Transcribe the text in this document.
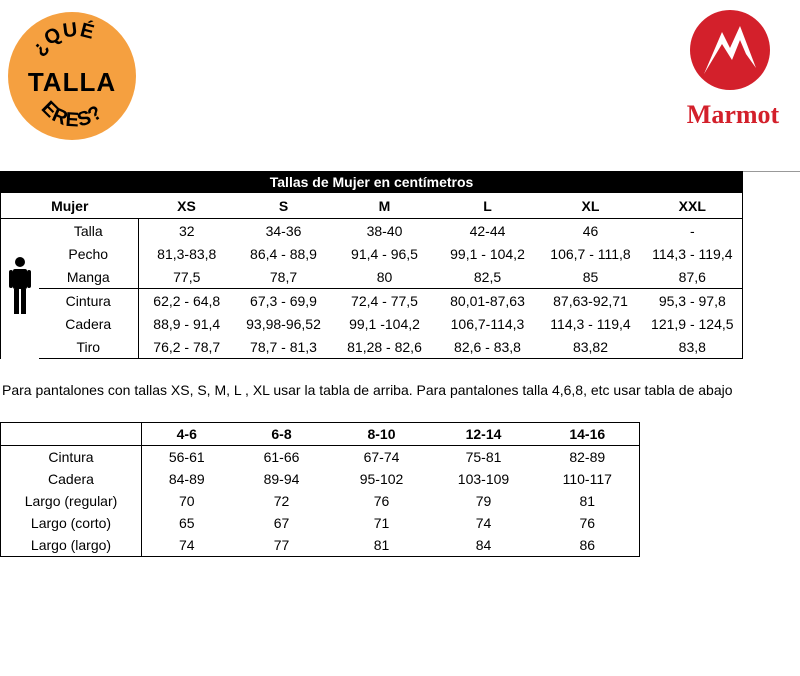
¿QUÉ
ERES?
TALLA
Marmot
Tallas de Mujer en centímetros							
Mujer		XS	S	M	L	XL	XXL
	Talla	32	34-36	38-40	42-44	46	-
	Pecho	81,3-83,8	86,4 - 88,9	91,4 - 96,5	99,1 - 104,2	106,7 - 111,8	114,3 - 119,4
	Manga	77,5	78,7	80	82,5	85	87,6
	Cintura	62,2 - 64,8	67,3 - 69,9	72,4 - 77,5	80,01-87,63	87,63-92,71	95,3 - 97,8
	Cadera	88,9 - 91,4	93,98-96,52	99,1 -104,2	106,7-114,3	114,3 - 119,4	121,9 - 124,5
	Tiro	76,2 - 78,7	78,7 - 81,3	81,28 - 82,6	82,6 - 83,8	83,82	83,8
Para pantalones con tallas XS, S, M, L , XL usar la tabla de arriba. Para pantalones talla 4,6,8, etc usar tabla de abajo
	4-6	6-8	8-10	12-14	14-16
Cintura	56-61	61-66	67-74	75-81	82-89
Cadera	84-89	89-94	95-102	103-109	110-117
Largo (regular)	70	72	76	79	81
Largo (corto)	65	67	71	74	76
Largo (largo)	74	77	81	84	86
